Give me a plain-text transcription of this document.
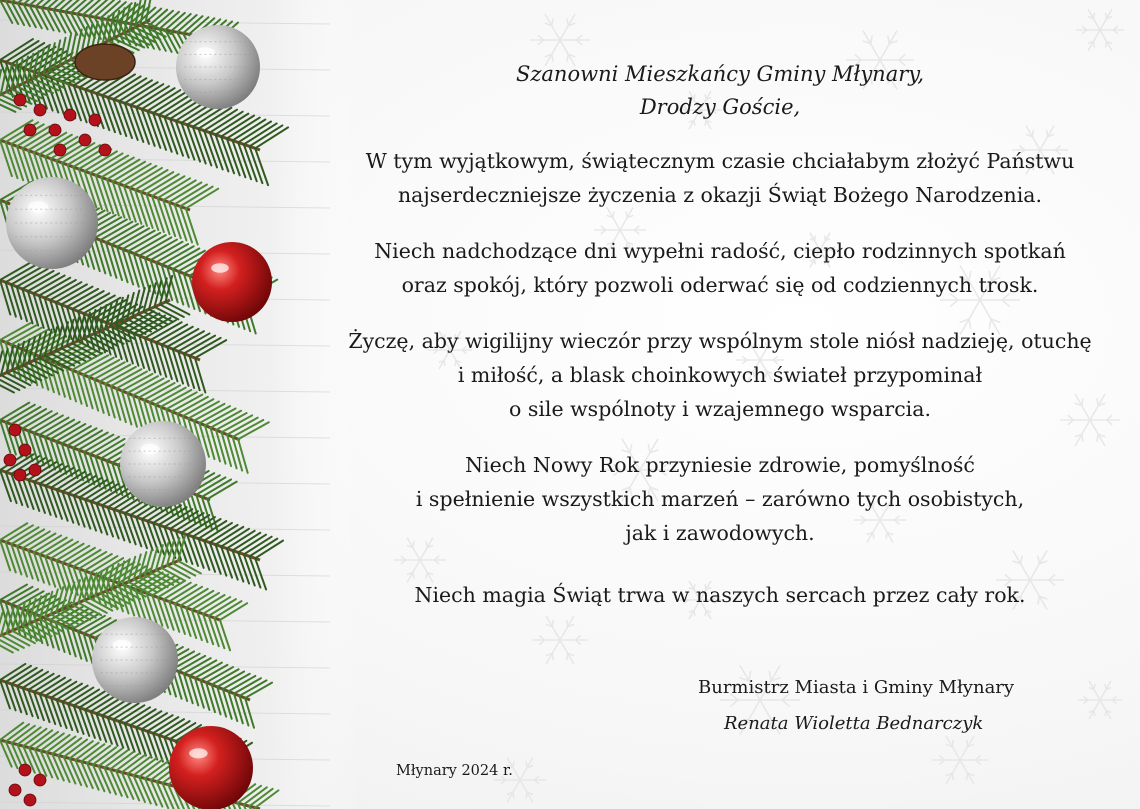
Szanowni Mieszkańcy Gminy Młynary,
Drodzy Goście,

W tym wyjątkowym, świątecznym czasie chciałabym złożyć Państwu
najserdeczniejsze życzenia z okazji Świąt Bożego Narodzenia.

Niech nadchodzące dni wypełni radość, ciepło rodzinnych spotkań
oraz spokój, który pozwoli oderwać się od codziennych trosk.

Życzę, aby wigilijny wieczór przy wspólnym stole niósł nadzieję, otuchę
i miłość, a blask choinkowych świateł przypominał
o sile wspólnoty i wzajemnego wsparcia.

Niech Nowy Rok przyniesie zdrowie, pomyślność
i spełnienie wszystkich marzeń – zarówno tych osobistych,
jak i zawodowych.

Niech magia Świąt trwa w naszych sercach przez cały rok.

Burmistrz Miasta i Gminy Młynary
Renata Wioletta Bednarczyk
Młynary 2024 r.
